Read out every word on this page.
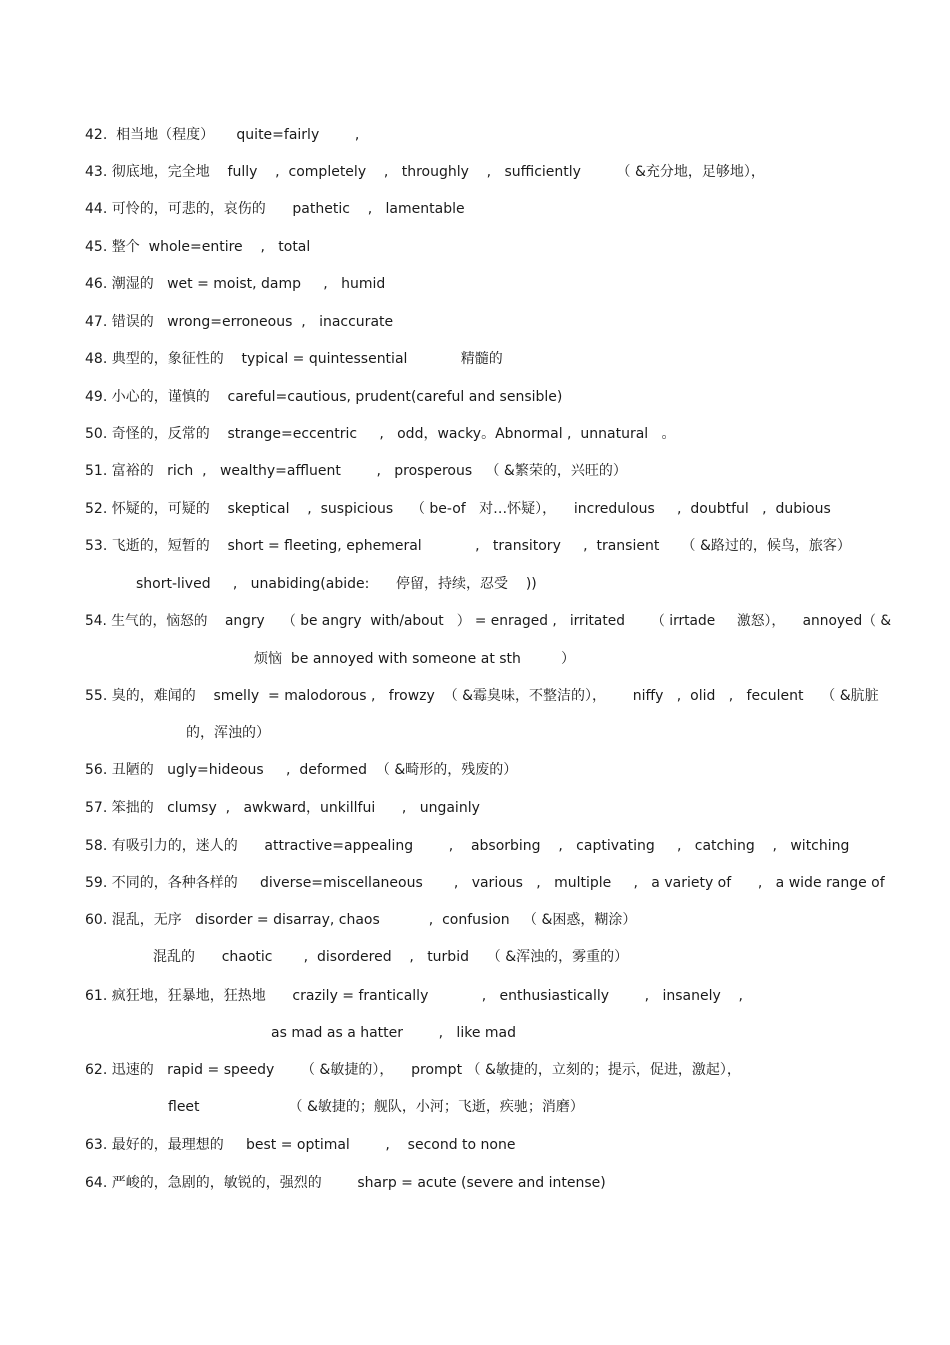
42.  相当地（程度）     quite=fairly        ,
43. 彻底地，完全地    fully    ,  completely    ,   throughly    ,   sufficiently        （ &充分地，足够地），
44. 可怜的，可悲的，哀伤的      pathetic    ,   lamentable
45. 整个  whole=entire    ,   total
46. 潮湿的   wet = moist, damp     ,   humid
47. 错误的   wrong=erroneous  ,   inaccurate
48. 典型的，象征性的    typical = quintessential            精髓的
49. 小心的，谨慎的    careful=cautious, prudent(careful and sensible)
50. 奇怪的，反常的    strange=eccentric     ,   odd，wacky。Abnormal ,  unnatural   。
51. 富裕的   rich  ,   wealthy=affluent        ,   prosperous   （ &繁荣的，兴旺的）
52. 怀疑的，可疑的    skeptical    ,  suspicious    （ be-of   对…怀疑），    incredulous     ,  doubtful   ,  dubious
53. 飞逝的，短暂的    short = fleeting, ephemeral            ,   transitory     ,  transient     （ &路过的，候鸟，旅客）
short-lived     ,   unabiding(abide:      停留，持续，忍受    ))
54. 生气的，恼怒的    angry    （ be angry  with/about   ） = enraged ,   irritated      （ irrtade     激怒），    annoyed（ &
烦恼  be annoyed with someone at sth         ）
55. 臭的，难闻的    smelly  = malodorous ,   frowzy  （ &霉臭味，不整洁的），      niffy   ,  olid   ,   feculent    （ &肮脏
的，浑浊的）
56. 丑陋的   ugly=hideous     ,  deformed  （ &畸形的，残废的）
57. 笨拙的   clumsy  ,   awkward，unkillfui      ,   ungainly
58. 有吸引力的，迷人的      attractive=appealing        ,    absorbing    ,   captivating     ,   catching    ,   witching
59. 不同的，各种各样的     diverse=miscellaneous       ,   various   ,   multiple     ,   a variety of      ,   a wide range of
60. 混乱，无序   disorder = disarray, chaos           ,  confusion   （ &困惑，糊涂）
混乱的      chaotic       ,  disordered    ,   turbid    （ &浑浊的，雾重的）
61. 疯狂地，狂暴地，狂热地      crazily = frantically            ,   enthusiastically        ,   insanely    ,
as mad as a hatter        ,   like mad
62. 迅速的   rapid = speedy      （ &敏捷的），    prompt （ &敏捷的，立刻的；提示，促进，激起），
fleet                    （ &敏捷的；舰队，小河；飞逝，疾驰；消磨）
63. 最好的，最理想的     best = optimal        ,    second to none
64. 严峻的，急剧的，敏锐的，强烈的        sharp = acute (severe and intense)
